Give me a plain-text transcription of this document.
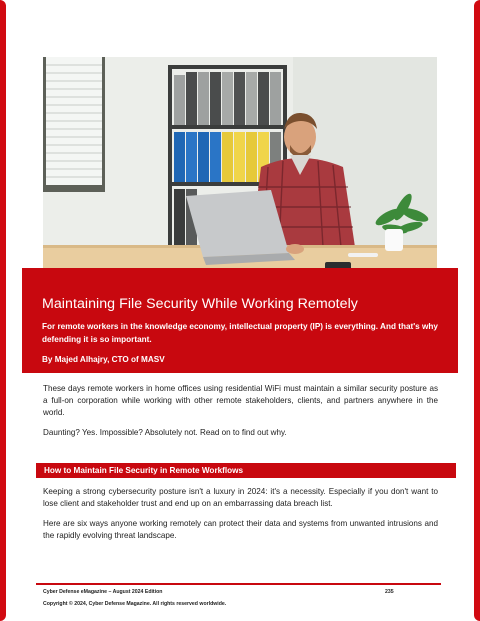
Maintaining File Security While Working Remotely

For remote workers in the knowledge economy, intellectual property (IP) is everything. And that's why defending it is so important.

By Majed Alhajry, CTO of MASV

These days remote workers in home offices using residential WiFi must maintain a similar security posture as a full-on corporation while working with other remote stakeholders, clients, and partners anywhere in the world.

Daunting? Yes. Impossible? Absolutely not. Read on to find out why.

How to Maintain File Security in Remote Workflows

Keeping a strong cybersecurity posture isn't a luxury in 2024: it's a necessity. Especially if you don't want to lose client and stakeholder trust and end up on an embarrassing data breach list.

Here are six ways anyone working remotely can protect their data and systems from unwanted intrusions and the rapidly evolving threat landscape.

Cyber Defense eMagazine – August 2024 Edition	235
Copyright © 2024, Cyber Defense Magazine. All rights reserved worldwide.
